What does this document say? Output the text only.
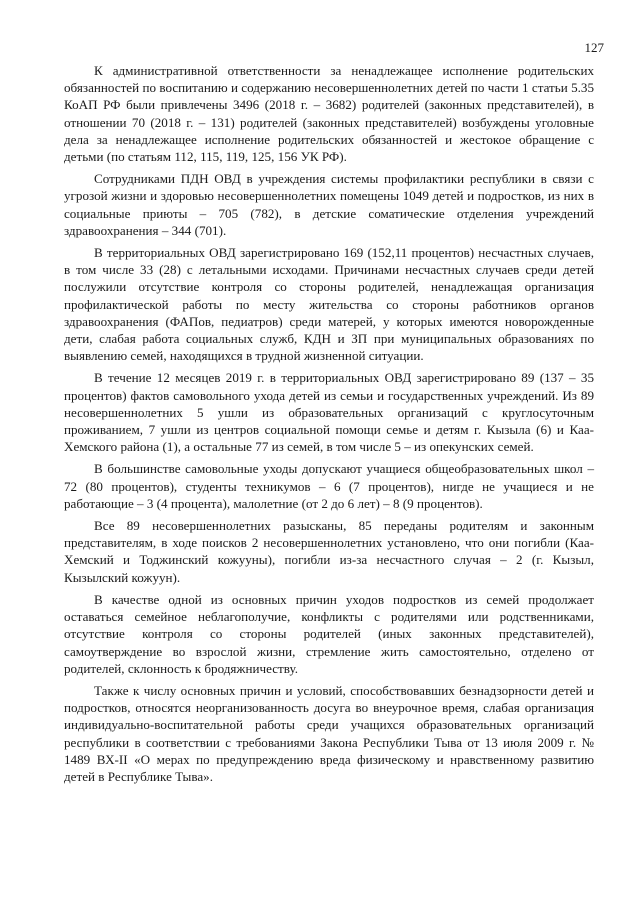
127

К административной ответственности за ненадлежащее исполнение родительских обязанностей по воспитанию и содержанию несовершеннолетних детей по части 1 статьи 5.35 КоАП РФ были привлечены 3496 (2018 г. – 3682) родителей (законных представителей), в отношении 70 (2018 г. – 131) родителей (законных представителей) возбуждены уголовные дела за ненадлежащее исполнение родительских обязанностей и жестокое обращение с детьми (по статьям 112, 115, 119, 125, 156 УК РФ).

Сотрудниками ПДН ОВД в учреждения системы профилактики республики в связи с угрозой жизни и здоровью несовершеннолетних помещены 1049 детей и подростков, из них в социальные приюты – 705 (782), в детские соматические отделения учреждений здравоохранения – 344 (701).

В территориальных ОВД зарегистрировано 169 (152,11 процентов) несчастных случаев, в том числе 33 (28) с летальными исходами. Причинами несчастных случаев среди детей послужили отсутствие контроля со стороны родителей, ненадлежащая организация профилактической работы по месту жительства со стороны работников органов здравоохранения (ФАПов, педиатров) среди матерей, у которых имеются новорожденные дети, слабая работа социальных служб, КДН и ЗП при муниципальных образованиях по выявлению семей, находящихся в трудной жизненной ситуации.

В течение 12 месяцев 2019 г. в территориальных ОВД зарегистрировано 89 (137 – 35 процентов) фактов самовольного ухода детей из семьи и государственных учреждений. Из 89 несовершеннолетних 5 ушли из образовательных организаций с круглосуточным проживанием, 7 ушли из центров социальной помощи семье и детям г. Кызыла (6) и Каа-Хемского района (1), а остальные 77 из семей, в том числе 5 – из опекунских семей.

В большинстве самовольные уходы допускают учащиеся общеобразовательных школ – 72 (80 процентов), студенты техникумов – 6 (7 процентов), нигде не учащиеся и не работающие – 3 (4 процента), малолетние (от 2 до 6 лет) – 8 (9 процентов).

Все 89 несовершеннолетних разысканы, 85 переданы родителям и законным представителям, в ходе поисков 2 несовершеннолетних установлено, что они погибли (Каа-Хемский и Тоджинский кожууны), погибли из-за несчастного случая – 2 (г. Кызыл, Кызылский кожуун).

В качестве одной из основных причин уходов подростков из семей продолжает оставаться семейное неблагополучие, конфликты с родителями или родственниками, отсутствие контроля со стороны родителей (иных законных представителей), самоутверждение во взрослой жизни, стремление жить самостоятельно, отделено от родителей, склонность к бродяжничеству.

Также к числу основных причин и условий, способствовавших безнадзорности детей и подростков, относятся неорганизованность досуга во внеурочное время, слабая организация индивидуально-воспитательной работы среди учащихся образовательных организаций республики в соответствии с требованиями Закона Республики Тыва от 13 июля 2009 г. № 1489 ВХ-II «О мерах по предупреждению вреда физическому и нравственному развитию детей в Республике Тыва».
